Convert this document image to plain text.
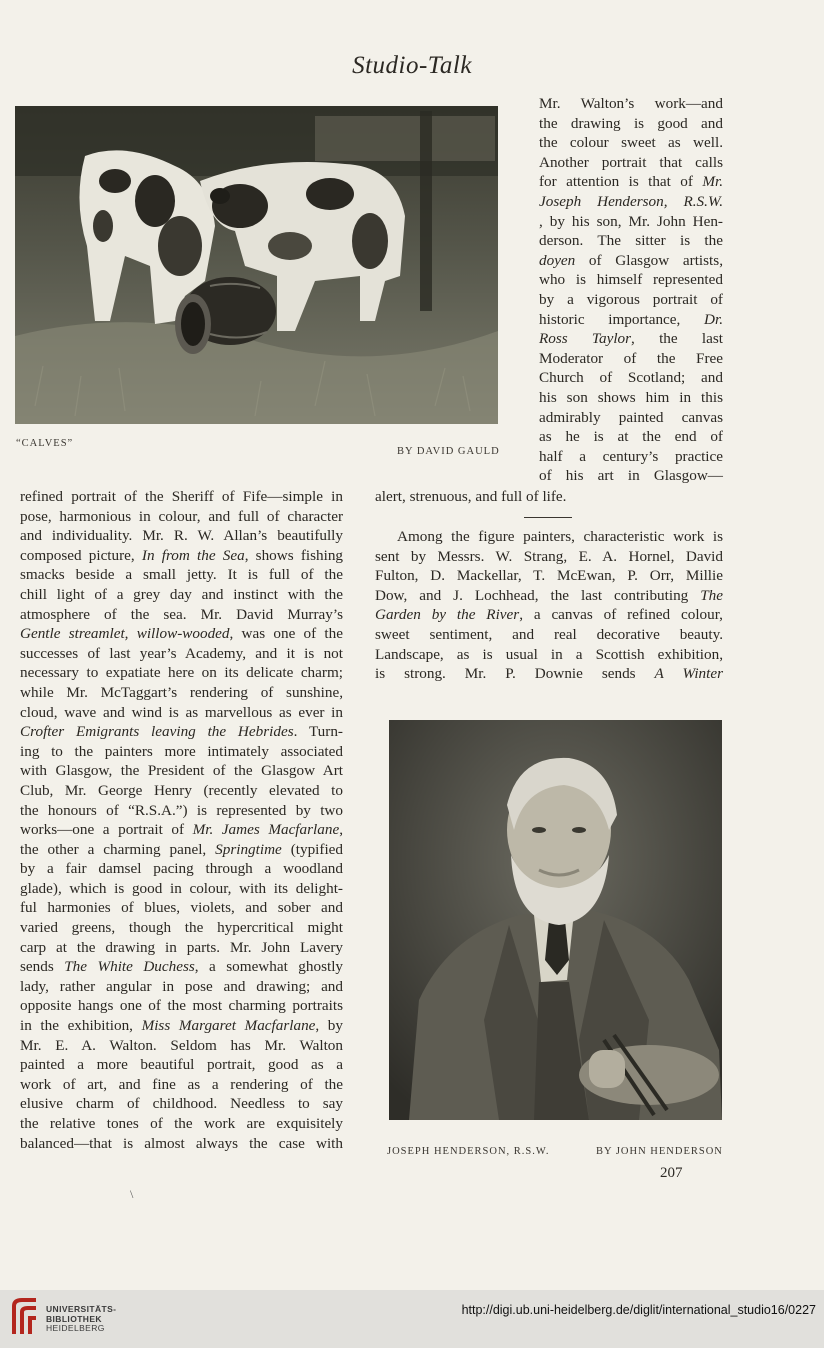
Studio-Talk
“CALVES”
BY DAVID GAULD
Mr. Walton’s work—and
the drawing is good and
the colour sweet as well.
Another portrait that calls
for attention is that of Mr.
Joseph Henderson, R.S.W.
, by his son, Mr. John Hen-
derson. The sitter is the
doyen of Glasgow artists,
who is himself represented
by a vigorous portrait of
historic importance, Dr.
Ross Taylor, the last
Moderator of the Free
Church of Scotland; and
his son shows him in this
admirably painted canvas
as he is at the end of
half a century’s practice
of his art in Glasgow—
alert, strenuous, and full of life.
refined portrait of the Sheriff of Fife—simple in
pose, harmonious in colour, and full of character
and individuality. Mr. R. W. Allan’s beautifully
composed picture, In from the Sea, shows fishing
smacks beside a small jetty. It is full of the
chill light of a grey day and instinct with the
atmosphere of the sea. Mr. David Murray’s
Gentle streamlet, willow-wooded, was one of the
successes of last year’s Academy, and it is not
necessary to expatiate here on its delicate charm;
while Mr. McTaggart’s rendering of sunshine,
cloud, wave and wind is as marvellous as ever in
Crofter Emigrants leaving the Hebrides. Turn-
ing to the painters more intimately associated
with Glasgow, the President of the Glasgow Art
Club, Mr. George Henry (recently elevated to
the honours of “R.S.A.”) is represented by two
works—one a portrait of Mr. James Macfarlane,
the other a charming panel, Springtime (typified
by a fair damsel pacing through a woodland
glade), which is good in colour, with its delight-
ful harmonies of blues, violets, and sober and
varied greens, though the hypercritical might
carp at the drawing in parts. Mr. John Lavery
sends The White Duchess, a somewhat ghostly
lady, rather angular in pose and drawing; and
opposite hangs one of the most charming portraits
in the exhibition, Miss Margaret Macfarlane, by
Mr. E. A. Walton. Seldom has Mr. Walton
painted a more beautiful portrait, good as a
work of art, and fine as a rendering of the
elusive charm of childhood. Needless to say
the relative tones of the work are exquisitely
balanced—that is almost always the case with
Among the figure painters, characteristic work is
sent by Messrs. W. Strang, E. A. Hornel, David
Fulton, D. Mackellar, T. McEwan, P. Orr, Millie
Dow, and J. Lochhead, the last contributing The
Garden by the River, a canvas of refined colour,
sweet sentiment, and real decorative beauty.
Landscape, as is usual in a Scottish exhibition,
is strong. Mr. P. Downie sends A Winter
JOSEPH HENDERSON, R.S.W.	BY JOHN HENDERSON
207
\
UNIVERSITÄTS-
BIBLIOTHEK
HEIDELBERG
http://digi.ub.uni-heidelberg.de/diglit/international_studio16/0227
